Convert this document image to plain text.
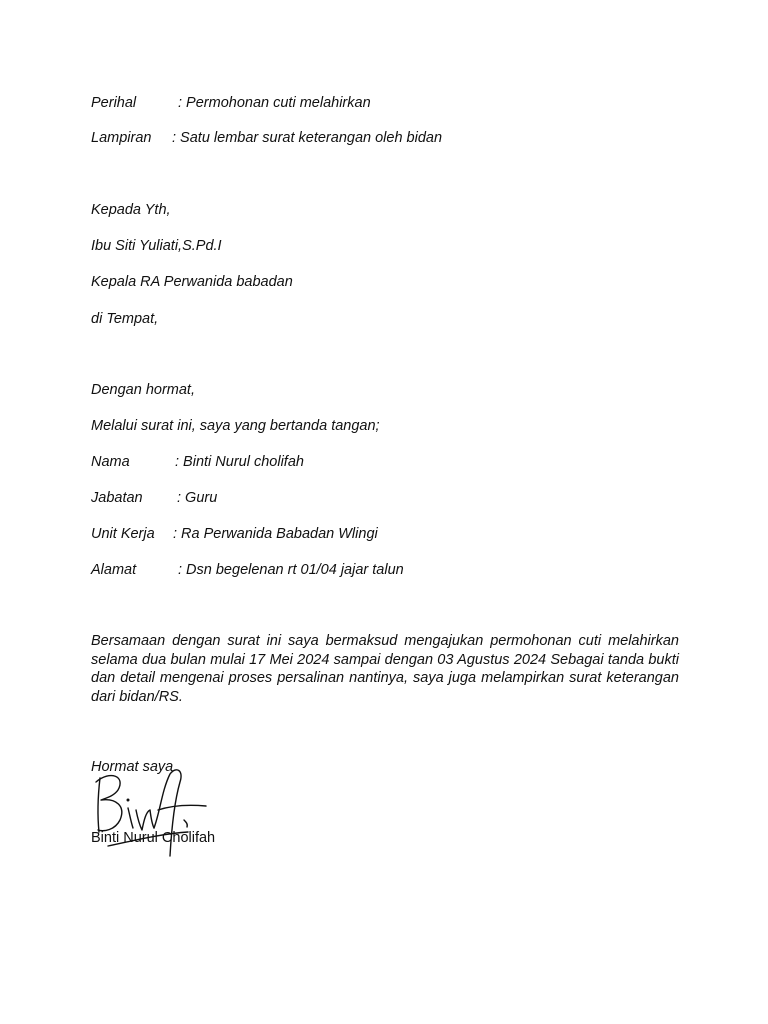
Perihal	: Permohonan cuti melahirkan
Lampiran : Satu lembar surat keterangan oleh bidan
Kepada Yth,
Ibu Siti Yuliati,S.Pd.I
Kepala RA Perwanida babadan
di Tempat,
Dengan hormat,
Melalui surat ini, saya yang bertanda tangan;
Nama	: Binti Nurul cholifah
Jabatan : Guru
Unit Kerja : Ra Perwanida Babadan Wlingi
Alamat	: Dsn begelenan rt 01/04 jajar talun
Bersamaan dengan surat ini saya bermaksud mengajukan permohonan cuti melahirkan selama dua bulan mulai 17 Mei 2024 sampai dengan 03 Agustus 2024 Sebagai tanda bukti dan detail mengenai proses persalinan nantinya, saya juga melampirkan surat keterangan dari bidan/RS.
Hormat saya
Binti Nurul Cholifah
